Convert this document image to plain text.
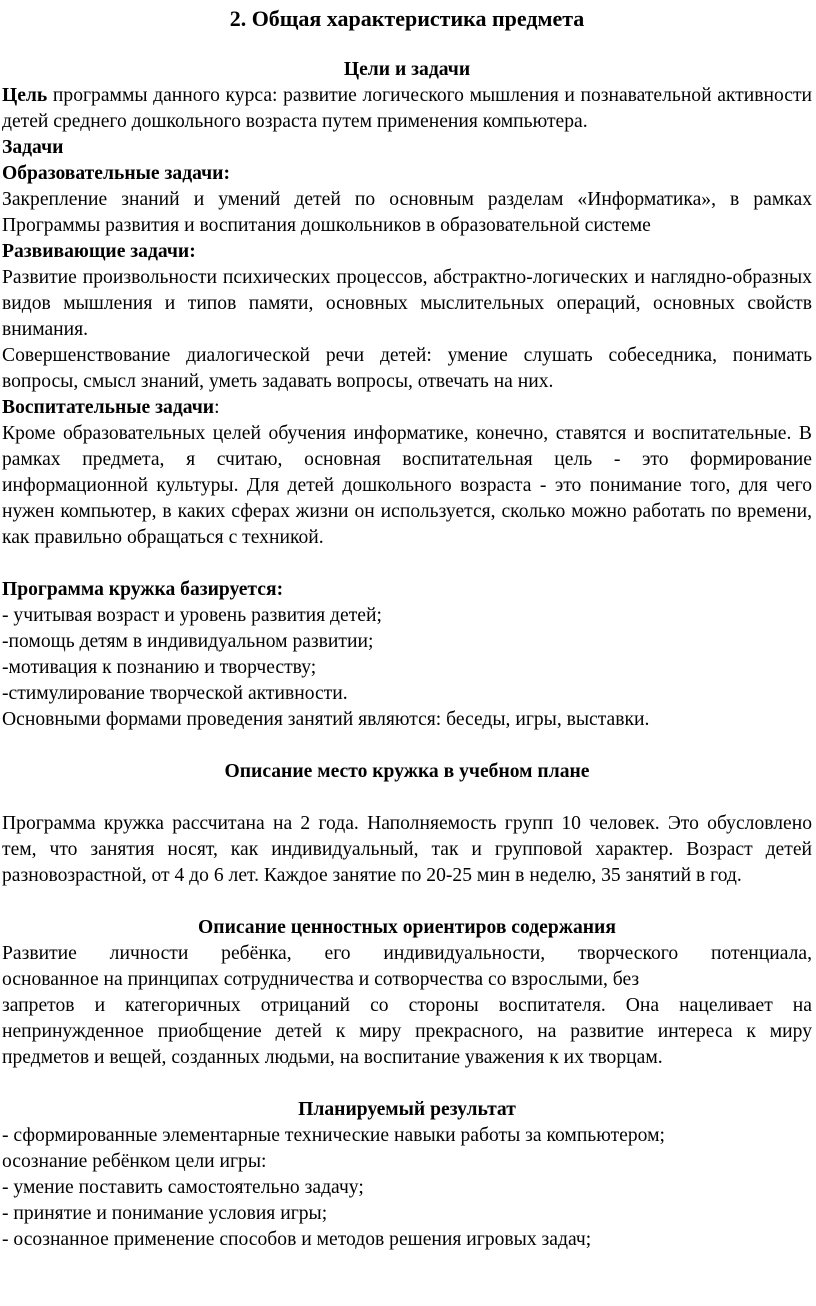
2. Общая характеристика предмета
Цели и задачи

Цель программы данного курса: развитие логического мышления и познавательной активности детей среднего дошкольного возраста путем применения компьютера.

Задачи

Образовательные задачи:

Закрепление знаний и умений детей по основным разделам «Информатика», в рамках Программы развития и воспитания дошкольников в образовательной системе

Развивающие задачи:

Развитие произвольности психических процессов, абстрактно-логических и наглядно-образных видов мышления и типов памяти, основных мыслительных операций, основных свойств внимания.

Совершенствование диалогической речи детей: умение слушать собеседника, понимать вопросы, смысл знаний, уметь задавать вопросы, отвечать на них.

Воспитательные задачи:

Кроме образовательных целей обучения информатике, конечно, ставятся и воспитательные. В рамках предмета, я считаю, основная воспитательная цель - это формирование информационной культуры. Для детей дошкольного возраста - это понимание того, для чего нужен компьютер, в каких сферах жизни он используется, сколько можно работать по времени, как правильно обращаться с техникой.

Программа кружка базируется:

- учитывая возраст и уровень развития детей;

-помощь детям в индивидуальном развитии;

-мотивация к познанию и творчеству;

-стимулирование творческой активности.

Основными формами проведения занятий являются: беседы, игры, выставки.

Описание место кружка в учебном плане

Программа кружка рассчитана на 2 года. Наполняемость групп 10 человек. Это обусловлено тем, что занятия носят, как индивидуальный, так и групповой характер. Возраст детей разновозрастной, от 4 до 6 лет. Каждое занятие по 20-25 мин в неделю, 35 занятий в год.

Описание ценностных ориентиров содержания

Развитие личности ребёнка, его индивидуальности, творческого потенциала,

основанное на принципах сотрудничества и сотворчества со взрослыми, без

запретов и категоричных отрицаний со стороны воспитателя. Она нацеливает на непринужденное приобщение детей к миру прекрасного, на развитие интереса к миру предметов и вещей, созданных людьми, на воспитание уважения к их творцам.

Планируемый результат

- сформированные элементарные технические навыки работы за компьютером;

осознание ребёнком цели игры:

- умение поставить самостоятельно задачу;

- принятие и понимание условия игры;

- осознанное применение способов и методов решения игровых задач;
